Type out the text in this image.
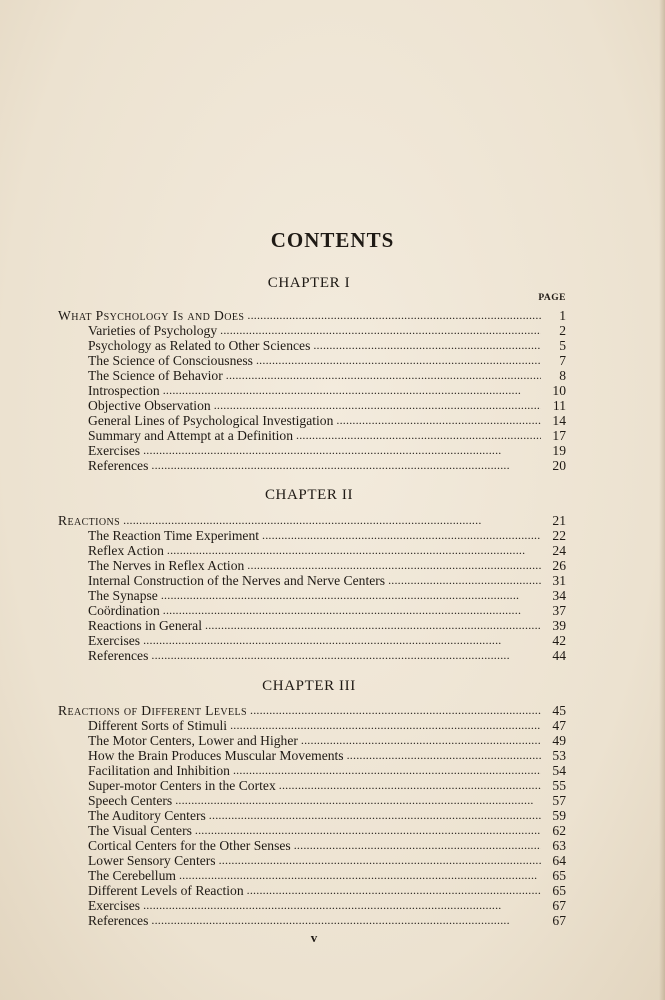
CONTENTS
CHAPTER I
PAGE
What Psychology Is and Does . . .	1
Varieties of Psychology . . .	2
Psychology as Related to Other Sciences . . .	5
The Science of Consciousness . . .	7
The Science of Behavior . . .	8
Introspection . . .	10
Objective Observation . . .	11
General Lines of Psychological Investigation . . .	14
Summary and Attempt at a Definition . . .	17
Exercises . . .	19
References . . .	20
CHAPTER II
Reactions . . .	21
The Reaction Time Experiment . . .	22
Reflex Action . . .	24
The Nerves in Reflex Action . . .	26
Internal Construction of the Nerves and Nerve Centers . . .	31
The Synapse . . .	34
Coördination . . .	37
Reactions in General . . .	39
Exercises . . .	42
References . . .	44
CHAPTER III
Reactions of Different Levels . . .	45
Different Sorts of Stimuli . . .	47
The Motor Centers, Lower and Higher . . .	49
How the Brain Produces Muscular Movements . . .	53
Facilitation and Inhibition . . .	54
Super-motor Centers in the Cortex . . .	55
Speech Centers . . .	57
The Auditory Centers . . .	59
The Visual Centers . . .	62
Cortical Centers for the Other Senses . . .	63
Lower Sensory Centers . . .	64
The Cerebellum . . .	65
Different Levels of Reaction . . .	65
Exercises . . .	67
References . . .	67
v
